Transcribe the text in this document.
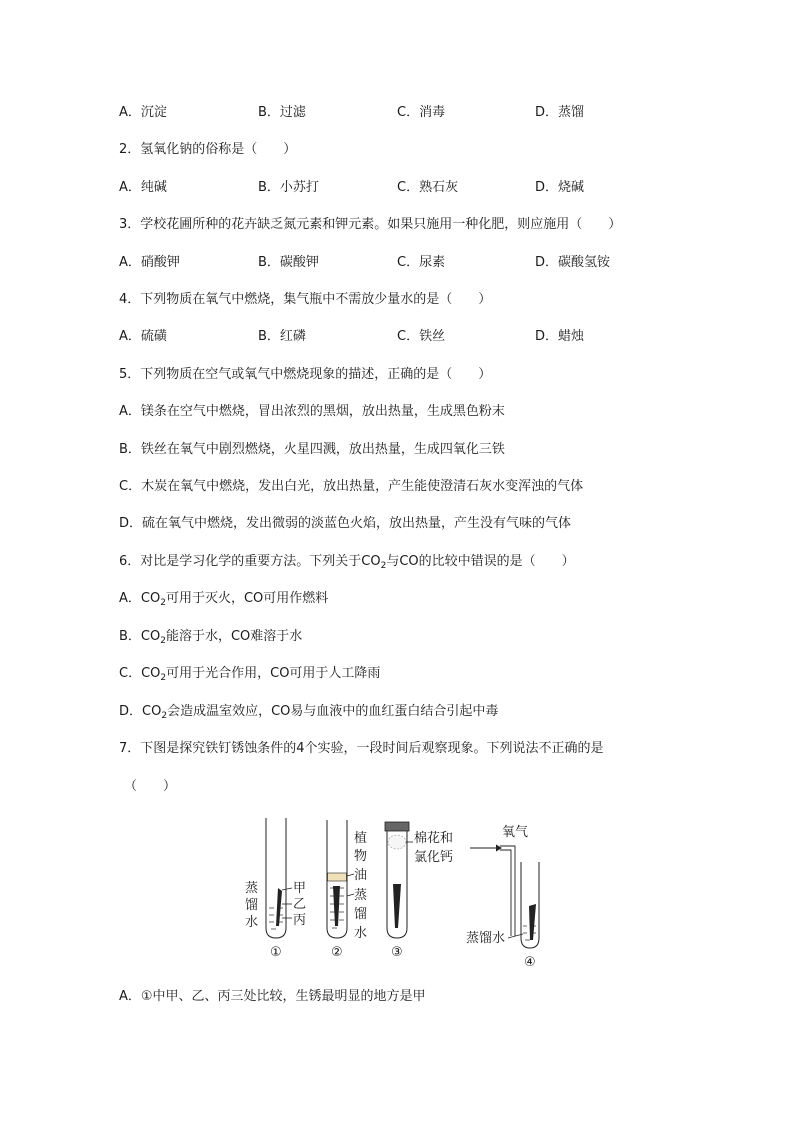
A．沉淀	B．过滤	C．消毒	D．蒸馏
2．氢氧化钠的俗称是（　　）
A．纯碱	B．小苏打	C．熟石灰	D．烧碱
3．学校花圃所种的花卉缺乏氮元素和钾元素。如果只施用一种化肥，则应施用（　　）
A．硝酸钾	B．碳酸钾	C．尿素	D．碳酸氢铵
4．下列物质在氧气中燃烧，集气瓶中不需放少量水的是（　　）
A．硫磺	B．红磷	C．铁丝	D．蜡烛
5．下列物质在空气或氧气中燃烧现象的描述，正确的是（　　）
A．镁条在空气中燃烧，冒出浓烈的黑烟，放出热量，生成黑色粉末
B．铁丝在氧气中剧烈燃烧，火星四溅，放出热量，生成四氧化三铁
C．木炭在氧气中燃烧，发出白光，放出热量，产生能使澄清石灰水变浑浊的气体
D．硫在氧气中燃烧，发出微弱的淡蓝色火焰，放出热量，产生没有气味的气体
6．对比是学习化学的重要方法。下列关于$CO_2$与CO的比较中错误的是（　　）
A．$CO_2$可用于灭火，CO可用作燃料
B．$CO_2$能溶于水，CO难溶于水
C．$CO_2$可用于光合作用，CO可用于人工降雨
D．$CO_2$会造成温室效应，CO易与血液中的血红蛋白结合引起中毒
7．下图是探究铁钉锈蚀条件的4个实验，一段时间后观察现象。下列说法不正确的是
（　　）
蒸
馏
水
甲
乙
丙
①
植
物
油
蒸
馏
水
②
棉花和
氯化钙
③
氧气
蒸馏水
④
A．①中甲、乙、丙三处比较，生锈最明显的地方是甲
